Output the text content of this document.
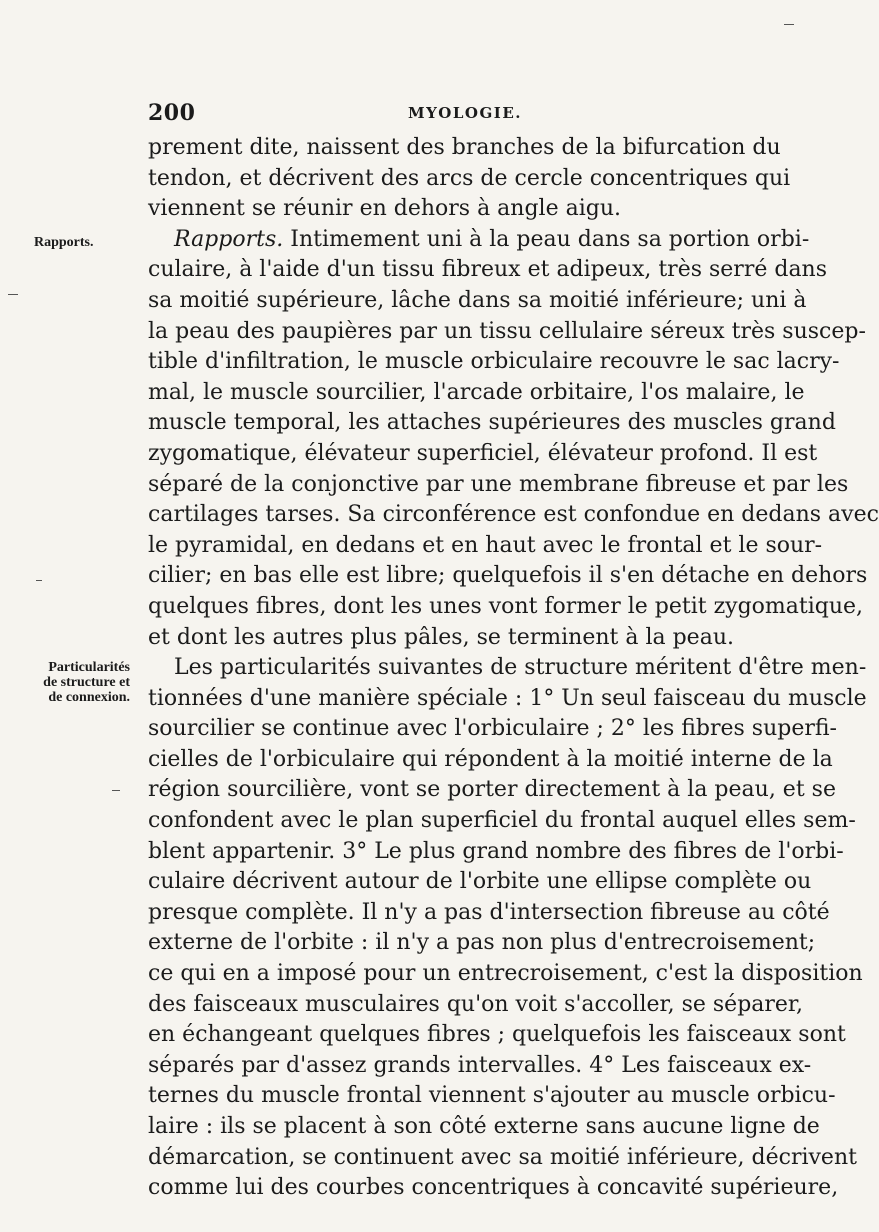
200	MYOLOGIE.
Rapports.
Particularités
de structure et
de connexion.
prement dite, naissent des branches de la bifurcation du
tendon, et décrivent des arcs de cercle concentriques qui
viennent se réunir en dehors à angle aigu.
Rapports. Intimement uni à la peau dans sa portion orbi-
culaire, à l'aide d'un tissu fibreux et adipeux, très serré dans
sa moitié supérieure, lâche dans sa moitié inférieure; uni à
la peau des paupières par un tissu cellulaire séreux très suscep-
tible d'infiltration, le muscle orbiculaire recouvre le sac lacry-
mal, le muscle sourcilier, l'arcade orbitaire, l'os malaire, le
muscle temporal, les attaches supérieures des muscles grand
zygomatique, élévateur superficiel, élévateur profond. Il est
séparé de la conjonctive par une membrane fibreuse et par les
cartilages tarses. Sa circonférence est confondue en dedans avec
le pyramidal, en dedans et en haut avec le frontal et le sour-
cilier; en bas elle est libre; quelquefois il s'en détache en dehors
quelques fibres, dont les unes vont former le petit zygomatique,
et dont les autres plus pâles, se terminent à la peau.
Les particularités suivantes de structure méritent d'être men-
tionnées d'une manière spéciale : 1° Un seul faisceau du muscle
sourcilier se continue avec l'orbiculaire ; 2° les fibres superfi-
cielles de l'orbiculaire qui répondent à la moitié interne de la
région sourcilière, vont se porter directement à la peau, et se
confondent avec le plan superficiel du frontal auquel elles sem-
blent appartenir. 3° Le plus grand nombre des fibres de l'orbi-
culaire décrivent autour de l'orbite une ellipse complète ou
presque complète. Il n'y a pas d'intersection fibreuse au côté
externe de l'orbite : il n'y a pas non plus d'entrecroisement;
ce qui en a imposé pour un entrecroisement, c'est la disposition
des faisceaux musculaires qu'on voit s'accoller, se séparer,
en échangeant quelques fibres ; quelquefois les faisceaux sont
séparés par d'assez grands intervalles. 4° Les faisceaux ex-
ternes du muscle frontal viennent s'ajouter au muscle orbicu-
laire : ils se placent à son côté externe sans aucune ligne de
démarcation, se continuent avec sa moitié inférieure, décrivent
comme lui des courbes concentriques à concavité supérieure,
